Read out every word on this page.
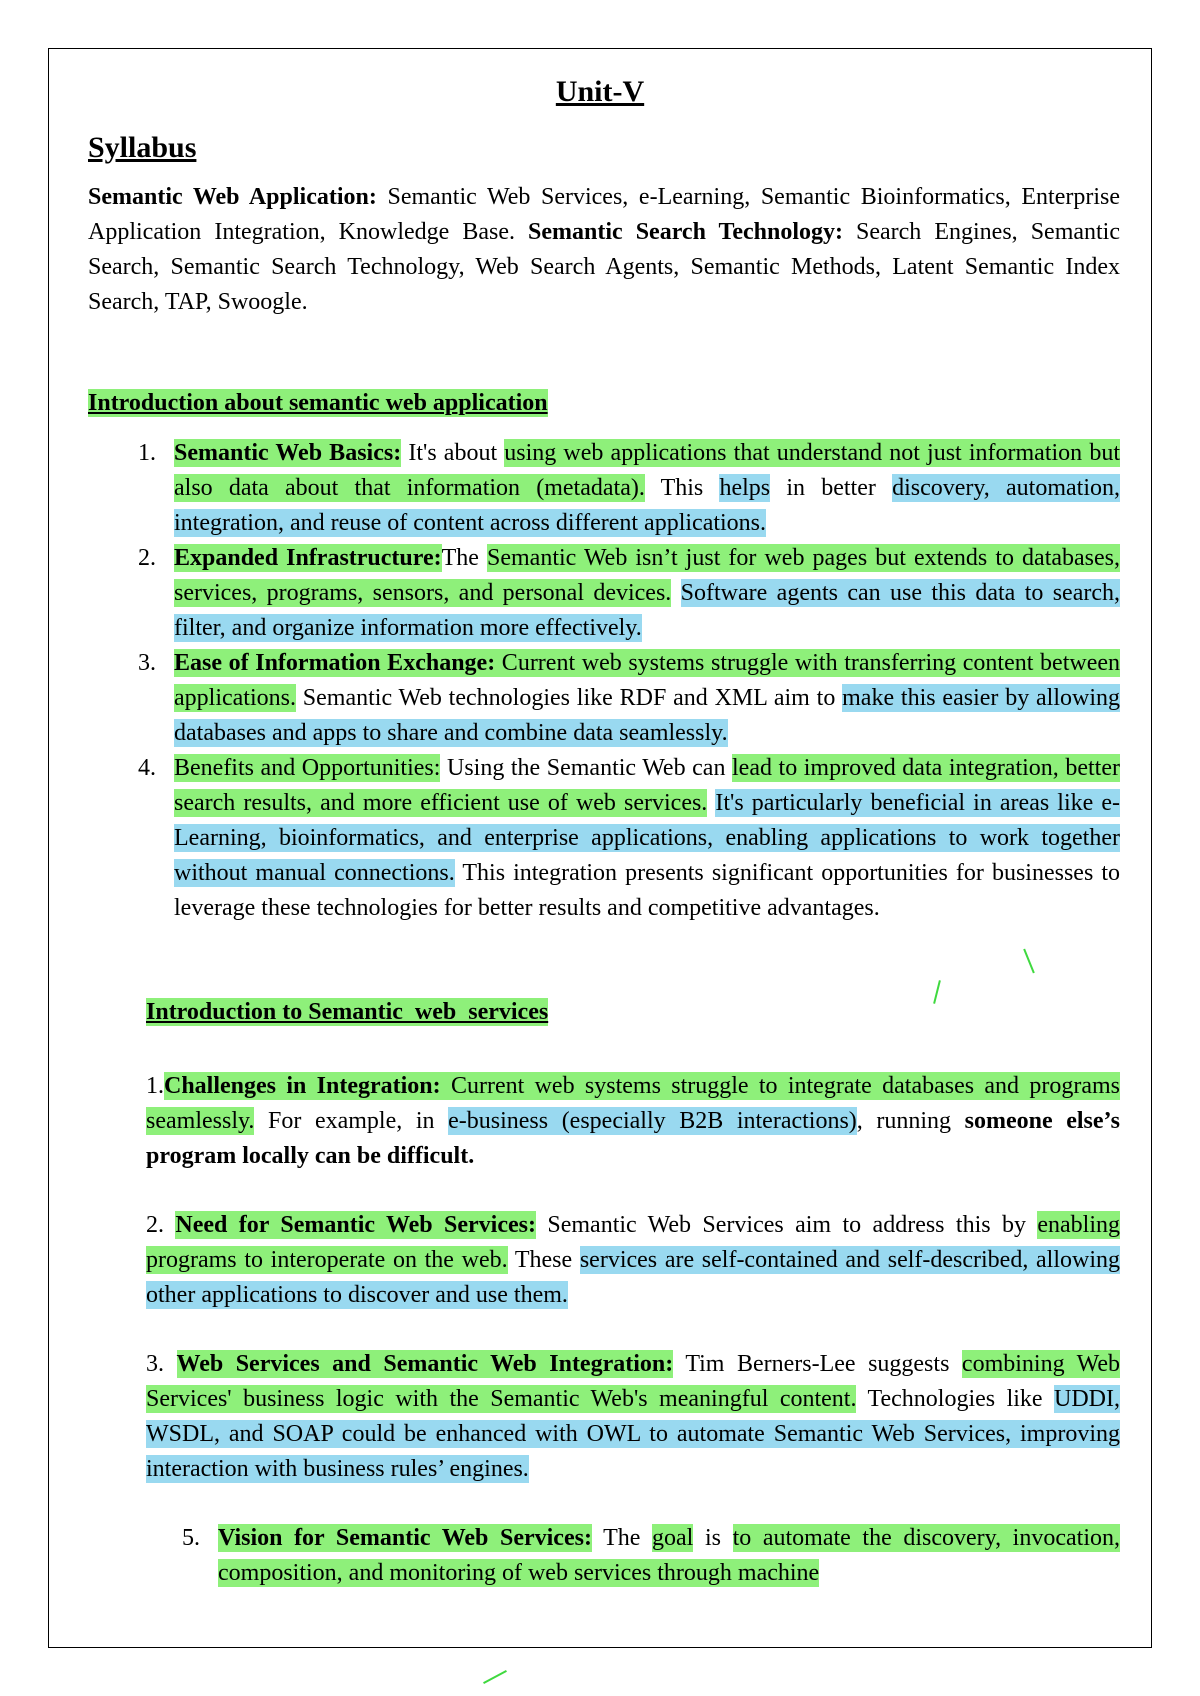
Unit-V
Syllabus
Semantic Web Application: Semantic Web Services, e-Learning, Semantic Bioinformatics, Enterprise Application Integration, Knowledge Base. Semantic Search Technology: Search Engines, Semantic Search, Semantic Search Technology, Web Search Agents, Semantic Methods, Latent Semantic Index Search, TAP, Swoogle.
Introduction about semantic web application
1. Semantic Web Basics: It's about using web applications that understand not just information but also data about that information (metadata). This helps in better discovery, automation, integration, and reuse of content across different applications.
2. Expanded Infrastructure:The Semantic Web isn’t just for web pages but extends to databases, services, programs, sensors, and personal devices. Software agents can use this data to search, filter, and organize information more effectively.
3. Ease of Information Exchange: Current web systems struggle with transferring content between applications. Semantic Web technologies like RDF and XML aim to make this easier by allowing databases and apps to share and combine data seamlessly.
4. Benefits and Opportunities: Using the Semantic Web can lead to improved data integration, better search results, and more efficient use of web services. It's particularly beneficial in areas like e-Learning, bioinformatics, and enterprise applications, enabling applications to work together without manual connections. This integration presents significant opportunities for businesses to leverage these technologies for better results and competitive advantages.
Introduction to Semantic  web  services
1.Challenges in Integration: Current web systems struggle to integrate databases and programs seamlessly. For example, in e-business (especially B2B interactions), running someone else’s program locally can be difficult.
2. Need for Semantic Web Services: Semantic Web Services aim to address this by enabling programs to interoperate on the web. These services are self-contained and self-described, allowing other applications to discover and use them.
3. Web Services and Semantic Web Integration: Tim Berners-Lee suggests combining Web Services' business logic with the Semantic Web's meaningful content. Technologies like UDDI, WSDL, and SOAP could be enhanced with OWL to automate Semantic Web Services, improving interaction with business rules’ engines.
5. Vision for Semantic Web Services: The goal is to automate the discovery, invocation, composition, and monitoring of web services through machine
